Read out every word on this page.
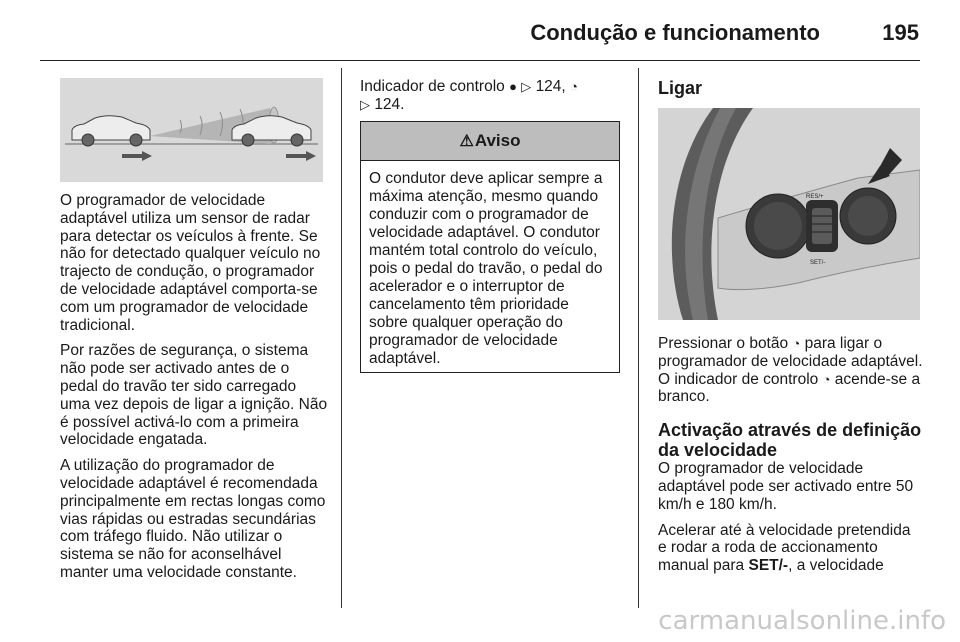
Condução e funcionamento	195

O programador de velocidade adaptável utiliza um sensor de radar para detectar os veículos à frente. Se não for detectado qualquer veículo no trajecto de condução, o programador de velocidade adaptável comporta-se com um programador de velocidade tradicional.

Por razões de segurança, o sistema não pode ser activado antes de o pedal do travão ter sido carregado uma vez depois de ligar a ignição. Não é possível activá-lo com a primeira velocidade engatada.

A utilização do programador de velocidade adaptável é recomendada principalmente em rectas longas como vias rápidas ou estradas secundárias com tráfego fluido. Não utilizar o sistema se não for aconselhável manter uma velocidade constante.

Indicador de controlo ● ▷ 124, ◔
▷ 124.

⚠ Aviso
O condutor deve aplicar sempre a máxima atenção, mesmo quando conduzir com o programador de velocidade adaptável. O condutor mantém total controlo do veículo, pois o pedal do travão, o pedal do acelerador e o interruptor de cancelamento têm prioridade sobre qualquer operação do programador de velocidade adaptável.
Ligar
RES/+
SET/-

Pressionar o botão ◔ para ligar o programador de velocidade adaptável. O indicador de controlo ◔ acende-se a branco.

Activação através de definição da velocidade

O programador de velocidade adaptável pode ser activado entre 50 km/h e 180 km/h.

Acelerar até à velocidade pretendida e rodar a roda de accionamento manual para SET/-, a velocidade

carmanualsonline.info
